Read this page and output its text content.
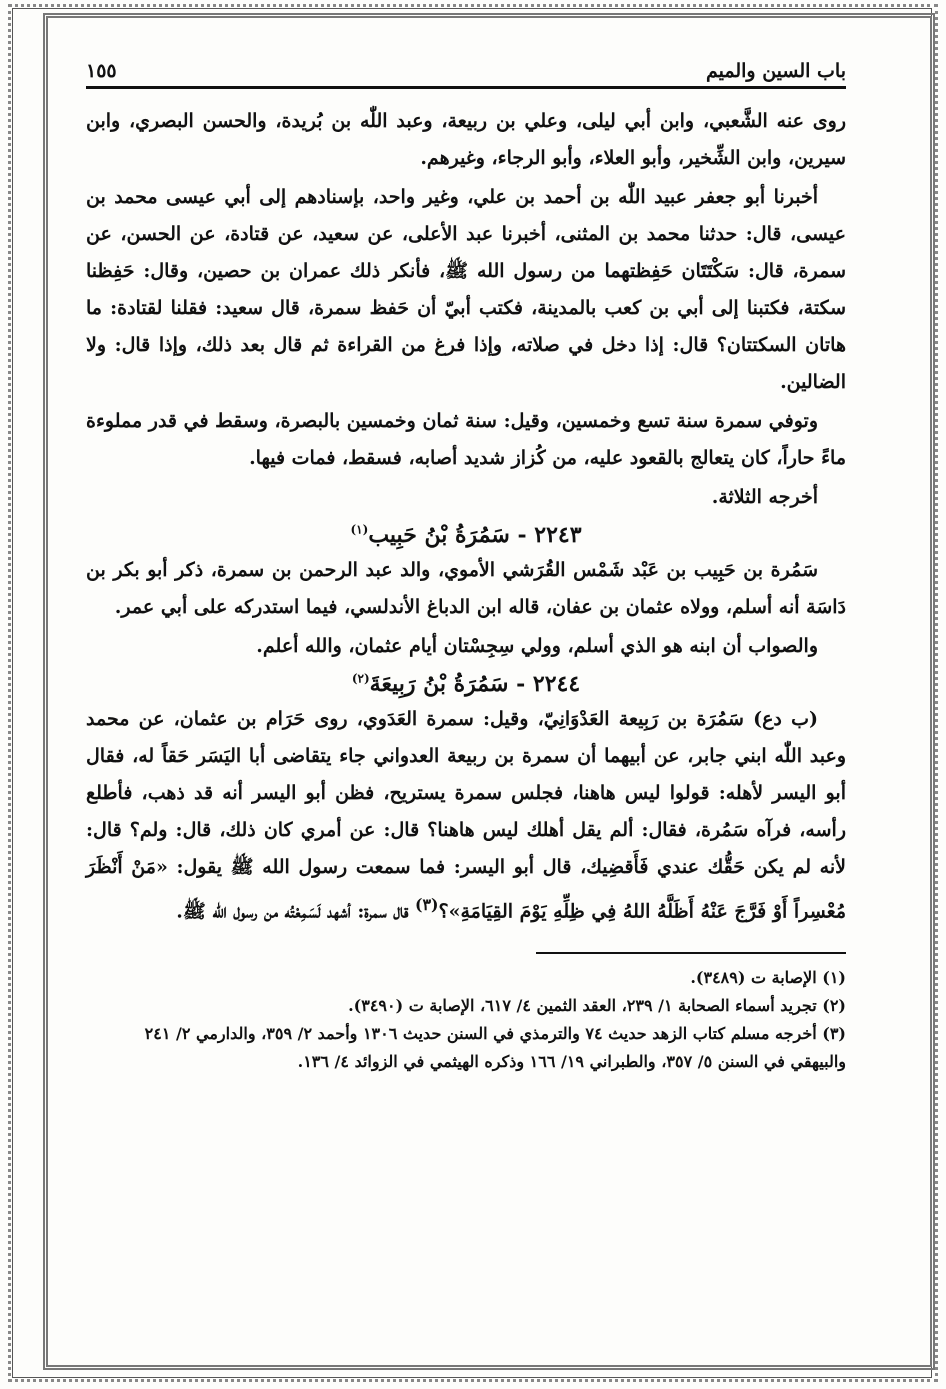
باب السين والميم
١٥٥

روى عنه الشَّعبي، وابن أبي ليلى، وعلي بن ربيعة، وعبد اللّٰه بن بُريدة، والحسن البصري، وابن سيرين، وابن الشِّخير، وأبو العلاء، وأبو الرجاء، وغيرهم.

أخبرنا أبو جعفر عبيد اللّٰه بن أحمد بن علي، وغير واحد، بإسنادهم إلى أبي عيسى محمد بن عيسى، قال: حدثنا محمد بن المثنى، أخبرنا عبد الأعلى، عن سعيد، عن قتادة، عن الحسن، عن سمرة، قال: سَكْتَتَان حَفِظتهما من رسول الله ﷺ، فأنكر ذلك عمران بن حصين، وقال: حَفِظنا سكتة، فكتبنا إلى أبي بن كعب بالمدينة، فكتب أبيّ أن حَفظ سمرة، قال سعيد: فقلنا لقتادة: ما هاتان السكتتان؟ قال: إذا دخل في صلاته، وإذا فرغ من القراءة ثم قال بعد ذلك، وإذا قال: ولا الضالين.

وتوفي سمرة سنة تسع وخمسين، وقيل: سنة ثمان وخمسين بالبصرة، وسقط في قدر مملوءة ماءً حاراً، كان يتعالج بالقعود عليه، من كُزاز شديد أصابه، فسقط، فمات فيها.

أخرجه الثلاثة.

٢٢٤٣ - سَمُرَةُ بْنُ حَبِيب$^{(١)}$

سَمُرة بن حَبِيب بن عَبْد شَمْس القُرَشي الأموي، والد عبد الرحمن بن سمرة، ذكر أبو بكر بن دَاسَة أنه أسلم، وولاه عثمان بن عفان، قاله ابن الدباغ الأندلسي، فيما استدركه على أبي عمر.

والصواب أن ابنه هو الذي أسلم، وولي سِجِسْتان أيام عثمان، والله أعلم.

٢٢٤٤ - سَمُرَةُ بْنُ رَبِيعَةَ$^{(٢)}$

(ب دع) سَمُرَة بن رَبِيعة العَدْوَانِيّ، وقيل: سمرة العَدَوي، روى حَرَام بن عثمان، عن محمد وعبد اللّٰه ابني جابر، عن أبيهما أن سمرة بن ربيعة العدواني جاء يتقاضى أبا اليَسَر حَقاً له، فقال أبو اليسر لأهله: قولوا ليس هاهنا، فجلس سمرة يستريح، فظن أبو اليسر أنه قد ذهب، فأطلع رأسه، فرآه سَمُرة، فقال: ألم يقل أهلك ليس هاهنا؟ قال: عن أمري كان ذلك، قال: ولم؟ قال: لأنه لم يكن حَقُّك عندي فَأَقضِيك، قال أبو اليسر: فما سمعت رسول الله ﷺ يقول: «مَنْ أَنْظَرَ مُعْسِراً أَوْ فَرَّجَ عَنْهُ أَظَلَّهُ اللهُ فِي ظِلِّهِ يَوْمَ القِيَامَةِ»؟$^{(٣)}$ قال سمرة: أشهد لَسَمِعْتُه من رسول الله ﷺ.

(١) الإصابة ت (٣٤٨٩).

(٢) تجريد أسماء الصحابة ١/ ٢٣٩، العقد الثمين ٤/ ٦١٧، الإصابة ت (٣٤٩٠).

(٣) أخرجه مسلم كتاب الزهد حديث ٧٤ والترمذي في السنن حديث ١٣٠٦ وأحمد ٢/ ٣٥٩، والدارمي ٢/ ٢٤١ والبيهقي في السنن ٥/ ٣٥٧، والطبراني ١٩/ ١٦٦ وذكره الهيثمي في الزوائد ٤/ ١٣٦.
